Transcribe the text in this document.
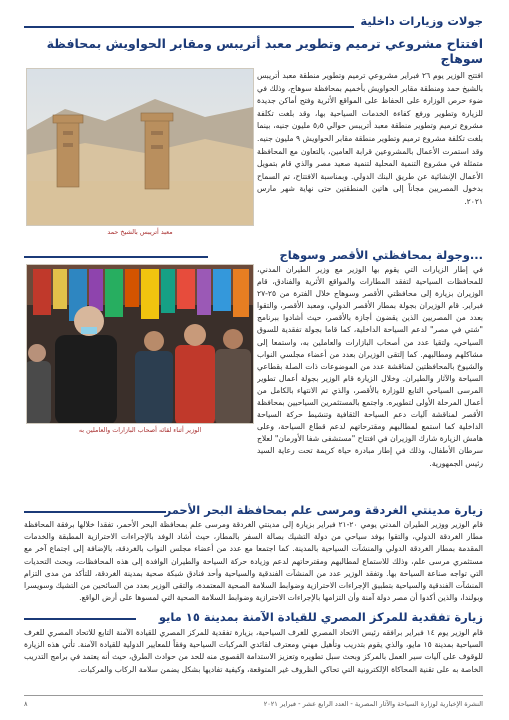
جولات وزيارات داخلية
افتتاح مشروعي ترميم وتطوير معبد أتريبس ومقابر الحواويش بمحافظة سوهاج
افتتح الوزير يوم ٢٦ فبراير مشروعي ترميم وتطوير منطقة معبد أتريبس بالشيخ حمد ومنطقة مقابر الحواويش بأخميم بمحافظة سوهاج، وذلك في ضوء حرص الوزارة على الحفاظ على المواقع الأثرية وفتح أماكن جديدة للزيارة وتطوير ورفع كفاءة الخدمات السياحية بها، وقد بلغت تكلفة مشروع ترميم وتطوير منطقة معبد أتريبس حوالي ٥٫٥ مليون جنيه، بينما بلغت تكلفة مشروع ترميم وتطوير منطقة مقابر الحواويش ٩ مليون جنيه. وقد استمرت الأعمال بالمشروعين قرابة العامين، بالتعاون مع المحافظة متمثلة في مشروع التنمية المحلية لتنمية صعيد مصر والذي قام بتمويل الأعمال الإنشائية عن طريق البنك الدولي. وبمناسبة الافتتاح، تم السماح بدخول المصريين مجاناً إلى هاتين المنطقتين حتى نهاية شهر مارس ٢٠٢١.
معبد أتريبس بالشيخ حمد
...وجولة بمحافظتي الأقصر وسوهاج
الوزير أثناء لقائه أصحاب البازارات والعاملين به
في إطار الزيارات التي يقوم بها الوزير مع وزير الطيران المدني، للمحافظات السياحية لتفقد المطارات والمواقع الأثرية والفنادق، قام الوزيران بزيارة إلى محافظتي الأقصر وسوهاج خلال الفترة من ٢٥-٢٧ فبراير. قام الوزيران بجولة بمطار الأقصر الدولي، ومعبد الأقصر، والتقوا بعدد من المصريين الذين يقضون أجازة بالأقصر، حيث أشادوا ببرنامج "شتي في مصر" لدعم السياحة الداخلية، كما قاما بجولة تفقدية للسوق السياحي، ولتقيا عدد من أصحاب البازارات والعاملين به، واستمعا إلى مشاكلهم ومطالبهم. كما إلتقى الوزيران بعدد من أعضاء مجلسي النواب والشيوخ بالمحافظتين لمناقشة عدد من الموضوعات ذات الصلة بقطاعي السياحة والآثار والطيران. وخلال الزيارة قام الوزير بجولة أعمال تطوير المرسى السياحي التابع للوزارة بالأقصر، والذي تم الانتهاء بالكامل من أعمال المرحلة الأولى لتطويره. واجتمع بالمستثمرين السياحيين بمحافظة الأقصر لمناقشة آليات دعم السياحة الثقافية وتنشيط حركة السياحة الداخلية كما استمع لمطالبهم ومقترحاتهم لدعم قطاع السياحة، وعلى هامش الزيارة شارك الوزيران في افتتاح "مستشفى شفا الأورمان" لعلاج سرطان الأطفال، وذلك في إطار مبادرة حياة كريمة تحت رعاية السيد رئيس الجمهورية.
زيارة مدينتي الغردقة ومرسى علم بمحافظة البحر الأحمر
قام الوزير ووزير الطيران المدني يومي ٢٠-٢١ فبراير بزيارة إلى مدينتي الغردقة ومرسى علم بمحافظة البحر الأحمر، تفقدا خلالها برفقة المحافظة مطار الغردقة الدولي، والتقوا بوفد سياحي من دولة التشيك بصالة السفر بالمطار، حيث أشاد الوفد بالإجراءات الاحترازية المطبقة والخدمات المقدمة بمطار الغردقة الدولي والمنشآت السياحية بالمدينة. كما اجتمعا مع عدد من أعضاء مجلس النواب بالغردقة، بالإضافة إلى اجتماع آخر مع مستثمري مرسى علم، وذلك للاستماع لمطالبهم ومقترحاتهم لدعم وزيادة حركة السياحة والطيران الوافدة إلى هذه المحافظات، وبحث التحديات التي تواجه صناعة السياحة بها. وتفقد الوزير عدد من المنشآت الفندقية والسياحية وأحد فنادق شبكة صحية بمدينة الغردقة، للتأكد من مدى التزام المنشآت الفندقية والسياحية بتطبيق الإجراءات الاحترازية وضوابط السلامة الصحية المعتمدة، والتقى الوزير بعدد من السائحين من التشيك وسويسرا وبولندا، والذين أكدوا أن مصر دولة آمنة وأن التزامها بالإجراءات الاحترازية وضوابط السلامة الصحية التي لمسوها على أرض الواقع.
زيارة تفقدية للمركز المصري للقيادة الآمنة بمدينة ١٥ مايو
قام الوزير يوم ١٤ فبراير برافقه رئيس الاتحاد المصري للغرف السياحية، بزيارة تفقدية للمركز المصري للقيادة الآمنة التابع للاتحاد المصري للغرف السياحية بمدينة ١٥ مايو، والذي يقوم بتدريب وتأهيل مهني ومعترف لقائدي المركبات السياحية وفقاً للمعايير الدولية للقيادة الآمنة. تأتي هذه الزيارة للوقوف على آليات سير العمل بالمركز وبحث سبل تطويره وتعزيز الاستدامة القصوى منه للحد من حوادث الطرق، حيث أنه يعتمد في برامج التدريب الخاصة به على تقنية المحاكاة الإلكترونية التي تحاكي الظروف غير المتوقعة، وكيفية تفاديها بشكل يضمن سلامة الركاب والمركبات.
النشرة الإخبارية لوزارة السياحة والآثار المصرية - العدد الرابع عشر - فبراير ٢٠٢١
٨
